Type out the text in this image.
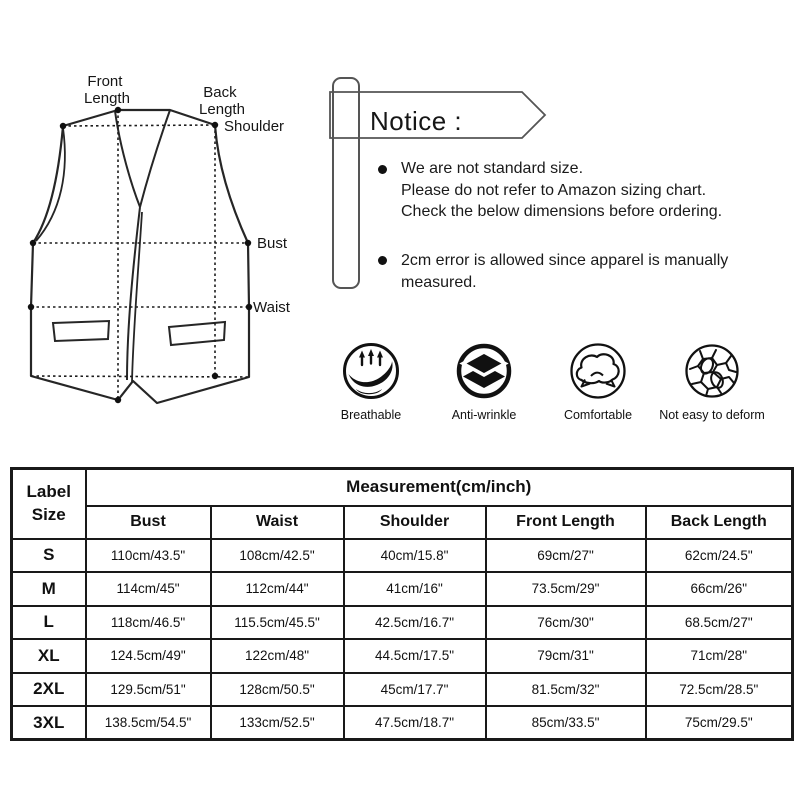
Front Length	Back Length
Shoulder
Bust
Waist
Notice :
We are not standard size.
Please do not refer to Amazon sizing chart.
Check the below dimensions before ordering.
2cm error is allowed since apparel is manually
measured.
Breathable	Anti-wrinkle	Comfortable Not easy to deform
Label
Size	Measurement(cm/inch)				
	Bust	Waist	Shoulder	Front Length	Back Length
S	110cm/43.5"	108cm/42.5"	40cm/15.8"	69cm/27"	62cm/24.5"
M	114cm/45"	112cm/44"	41cm/16"	73.5cm/29"	66cm/26"
L	118cm/46.5"	115.5cm/45.5"	42.5cm/16.7"	76cm/30"	68.5cm/27"
XL	124.5cm/49"	122cm/48"	44.5cm/17.5"	79cm/31"	71cm/28"
2XL	129.5cm/51"	128cm/50.5"	45cm/17.7"	81.5cm/32"	72.5cm/28.5"
3XL	138.5cm/54.5"	133cm/52.5"	47.5cm/18.7"	85cm/33.5"	75cm/29.5"
